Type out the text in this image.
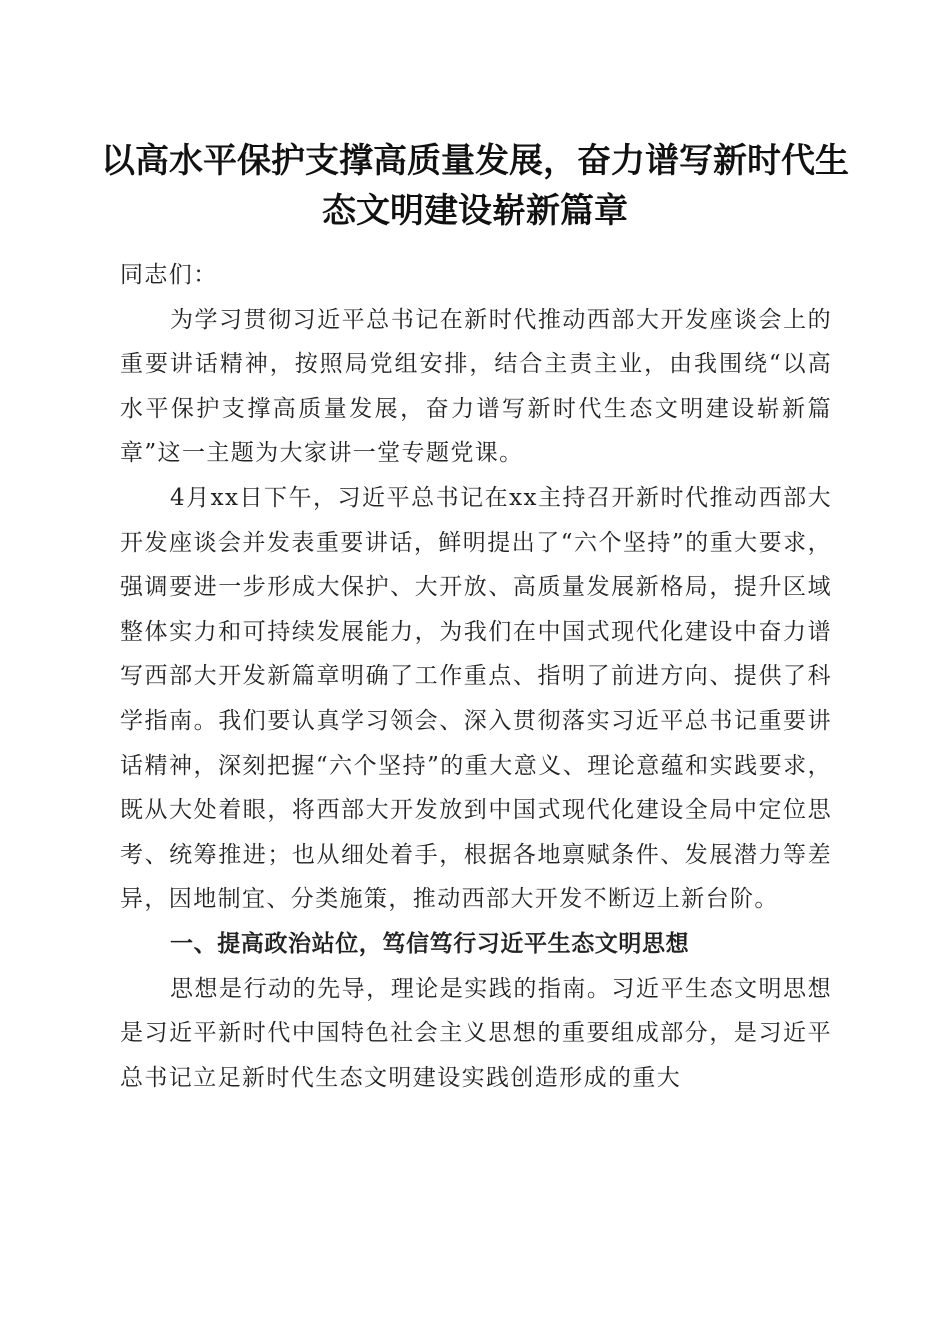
以高水平保护支撑高质量发展，奋力谱写新时代生态文明建设崭新篇章

同志们：

为学习贯彻习近平总书记在新时代推动西部大开发座谈会上的重要讲话精神，按照局党组安排，结合主责主业，由我围绕“以高水平保护支撑高质量发展，奋力谱写新时代生态文明建设崭新篇章”这一主题为大家讲一堂专题党课。

4月xx日下午，习近平总书记在xx主持召开新时代推动西部大开发座谈会并发表重要讲话，鲜明提出了“六个坚持”的重大要求，强调要进一步形成大保护、大开放、高质量发展新格局，提升区域整体实力和可持续发展能力，为我们在中国式现代化建设中奋力谱写西部大开发新篇章明确了工作重点、指明了前进方向、提供了科学指南。我们要认真学习领会、深入贯彻落实习近平总书记重要讲话精神，深刻把握“六个坚持”的重大意义、理论意蕴和实践要求，既从大处着眼，将西部大开发放到中国式现代化建设全局中定位思考、统筹推进；也从细处着手，根据各地禀赋条件、发展潜力等差异，因地制宜、分类施策，推动西部大开发不断迈上新台阶。

一、提高政治站位，笃信笃行习近平生态文明思想

思想是行动的先导，理论是实践的指南。习近平生态文明思想是习近平新时代中国特色社会主义思想的重要组成部分，是习近平总书记立足新时代生态文明建设实践创造形成的重大
